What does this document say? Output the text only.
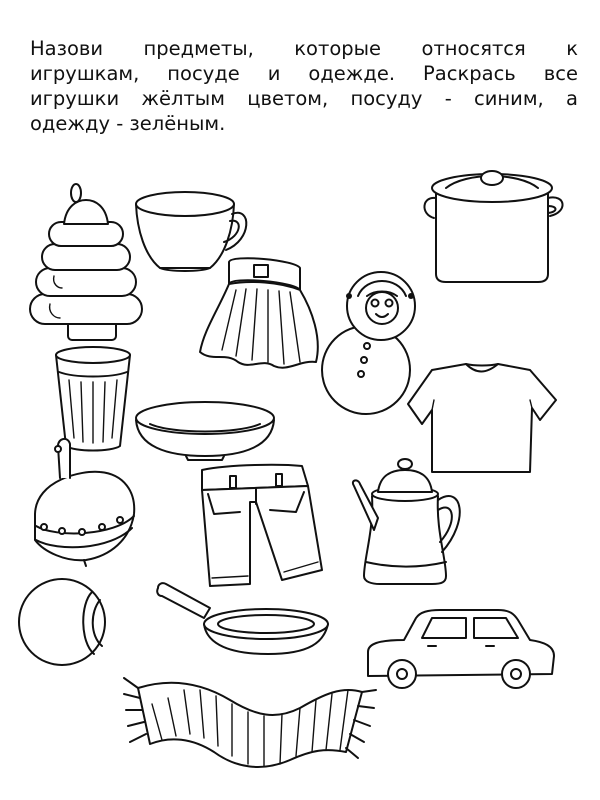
Назови предметы, которые относятся к
игрушкам, посуде и одежде. Раскрась все
игрушки жёлтым цветом, посуду - синим, а
одежду - зелёным.
